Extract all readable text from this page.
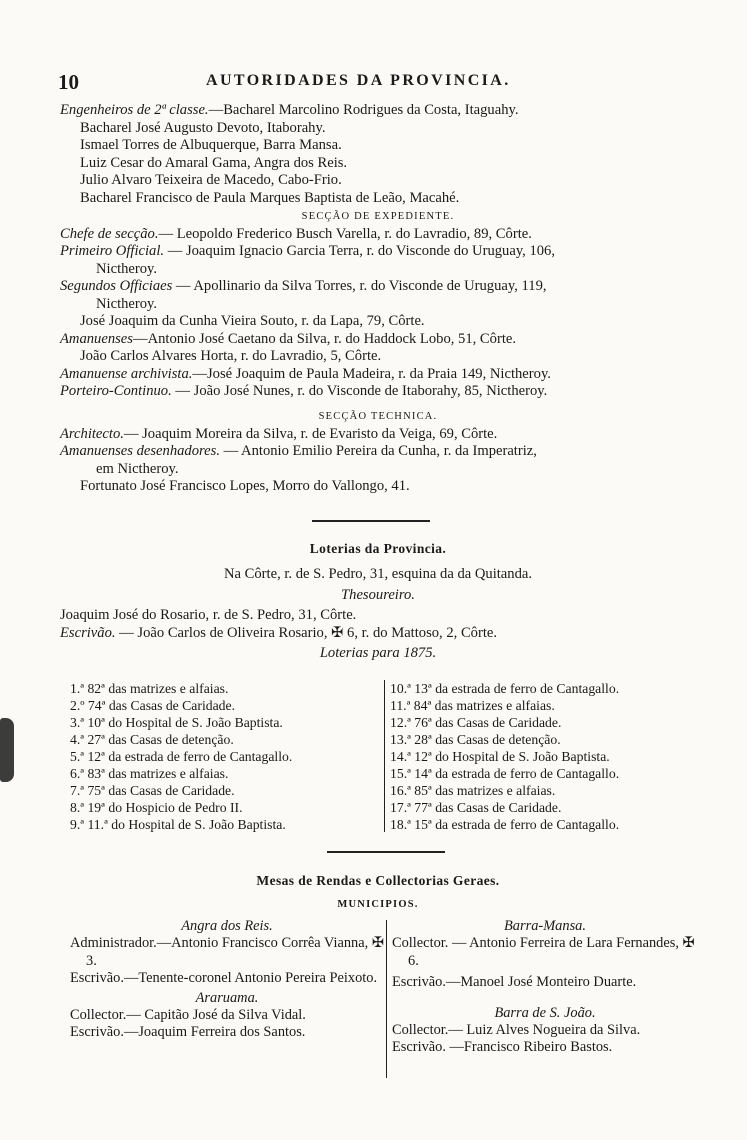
10	AUTORIDADES DA PROVINCIA.
Engenheiros de 2ª classe.—Bacharel Marcolino Rodrigues da Costa, Itaguahy.
Bacharel José Augusto Devoto, Itaborahy.
Ismael Torres de Albuquerque, Barra Mansa.
Luiz Cesar do Amaral Gama, Angra dos Reis.
Julio Alvaro Teixeira de Macedo, Cabo-Frio.
Bacharel Francisco de Paula Marques Baptista de Leão, Macahé.
SECÇÃO DE EXPEDIENTE.
Chefe de secção.— Leopoldo Frederico Busch Varella, r. do Lavradio, 89, Côrte.
Primeiro Official. — Joaquim Ignacio Garcia Terra, r. do Visconde do Uruguay, 106,
Nictheroy.
Segundos Officiaes — Apollinario da Silva Torres, r. do Visconde de Uruguay, 119,
Nictheroy.
José Joaquim da Cunha Vieira Souto, r. da Lapa, 79, Côrte.
Amanuenses—Antonio José Caetano da Silva, r. do Haddock Lobo, 51, Côrte.
João Carlos Alvares Horta, r. do Lavradio, 5, Côrte.
Amanuense archivista.—José Joaquim de Paula Madeira, r. da Praia 149, Nictheroy.
Porteiro-Continuo. — João José Nunes, r. do Visconde de Itaborahy, 85, Nictheroy.
SECÇÃO TECHNICA.
Architecto.— Joaquim Moreira da Silva, r. de Evaristo da Veiga, 69, Côrte.
Amanuenses desenhadores. — Antonio Emilio Pereira da Cunha, r. da Imperatriz,
em Nictheroy.
Fortunato José Francisco Lopes, Morro do Vallongo, 41.
Loterias da Provincia.
Na Côrte, r. de S. Pedro, 31, esquina da da Quitanda.
Thesoureiro.
Joaquim José do Rosario, r. de S. Pedro, 31, Côrte.
Escrivão. — João Carlos de Oliveira Rosario, ✠ 6, r. do Mattoso, 2, Côrte.
Loterias para 1875.
1.ª 82ª das matrizes e alfaias.
2.º 74ª das Casas de Caridade.
3.ª 10ª do Hospital de S. João Baptista.
4.ª 27ª das Casas de detenção.
5.ª 12ª da estrada de ferro de Cantagallo.
6.ª 83ª das matrizes e alfaias.
7.ª 75ª das Casas de Caridade.
8.ª 19ª do Hospicio de Pedro II.
9.ª 11.ª do Hospital de S. João Baptista.
10.ª 13ª da estrada de ferro de Cantagallo.
11.ª 84ª das matrizes e alfaias.
12.ª 76ª das Casas de Caridade.
13.ª 28ª das Casas de detenção.
14.ª 12ª do Hospital de S. João Baptista.
15.ª 14ª da estrada de ferro de Cantagallo.
16.ª 85ª das matrizes e alfaias.
17.ª 77ª das Casas de Caridade.
18.ª 15ª da estrada de ferro de Cantagallo.
Mesas de Rendas e Collectorias Geraes.
MUNICIPIOS.
Angra dos Reis.
Administrador.—Antonio Francisco Corrêa Vianna, ✠ 3.
Escrivão.—Tenente-coronel Antonio Pereira Peixoto.
Araruama.
Collector.— Capitão José da Silva Vidal.
Escrivão.—Joaquim Ferreira dos Santos.
Barra-Mansa.
Collector. — Antonio Ferreira de Lara Fernandes, ✠ 6.
Escrivão.—Manoel José Monteiro Duarte.
Barra de S. João.
Collector.— Luiz Alves Nogueira da Silva.
Escrivão. —Francisco Ribeiro Bastos.
